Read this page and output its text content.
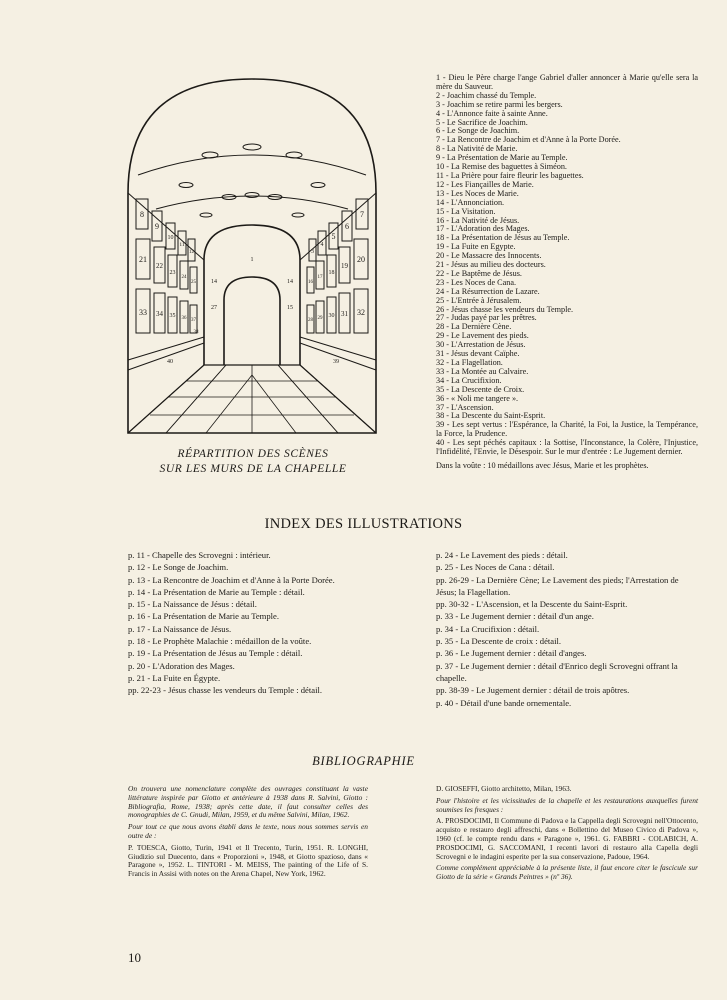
8
9
10
11
12
21
22
23
24
25
33 34 35 36 37
7
6
5
4
3
20
19
18
17
16
32
31
30
29
28
1
14	14
27	15
40	39
38
RÉPARTITION DES SCÈNES
SUR LES MURS DE LA CHAPELLE
1 - Dieu le Père charge l'ange Gabriel d'aller annoncer à Marie qu'elle sera la mère du Sauveur.
2 - Joachim chassé du Temple.
3 - Joachim se retire parmi les bergers.
4 - L'Annonce faite à sainte Anne.
5 - Le Sacrifice de Joachim.
6 - Le Songe de Joachim.
7 - La Rencontre de Joachim et d'Anne à la Porte Dorée.
8 - La Nativité de Marie.
9 - La Présentation de Marie au Temple.
10 - La Remise des baguettes à Siméon.
11 - La Prière pour faire fleurir les baguettes.
12 - Les Fiançailles de Marie.
13 - Les Noces de Marie.
14 - L'Annonciation.
15 - La Visitation.
16 - La Nativité de Jésus.
17 - L'Adoration des Mages.
18 - La Présentation de Jésus au Temple.
19 - La Fuite en Egypte.
20 - Le Massacre des Innocents.
21 - Jésus au milieu des docteurs.
22 - Le Baptême de Jésus.
23 - Les Noces de Cana.
24 - La Résurrection de Lazare.
25 - L'Entrée à Jérusalem.
26 - Jésus chasse les vendeurs du Temple.
27 - Judas payé par les prêtres.
28 - La Dernière Cène.
29 - Le Lavement des pieds.
30 - L'Arrestation de Jésus.
31 - Jésus devant Caïphe.
32 - La Flagellation.
33 - La Montée au Calvaire.
34 - La Crucifixion.
35 - La Descente de Croix.
36 - « Noli me tangere ».
37 - L'Ascension.
38 - La Descente du Saint-Esprit.
39 - Les sept vertus : l'Espérance, la Charité, la Foi, la Justice, la Tempérance, la Force, la Prudence.
40 - Les sept péchés capitaux : la Sottise, l'Inconstance, la Colère, l'Injustice, l'Infidélité, l'Envie, le Désespoir. Sur le mur d'entrée : Le Jugement dernier.
Dans la voûte : 10 médaillons avec Jésus, Marie et les prophètes.
INDEX DES ILLUSTRATIONS
p. 11 - Chapelle des Scrovegni : intérieur.
p. 12 - Le Songe de Joachim.
p. 13 - La Rencontre de Joachim et d'Anne à la Porte Dorée.
p. 14 - La Présentation de Marie au Temple : détail.
p. 15 - La Naissance de Jésus : détail.
p. 16 - La Présentation de Marie au Temple.
p. 17 - La Naissance de Jésus.
p. 18 - Le Prophète Malachie : médaillon de la voûte.
p. 19 - La Présentation de Jésus au Temple : détail.
p. 20 - L'Adoration des Mages.
p. 21 - La Fuite en Égypte.
pp. 22-23 - Jésus chasse les vendeurs du Temple : détail.
p. 24 - Le Lavement des pieds : détail.
p. 25 - Les Noces de Cana : détail.
pp. 26-29 - La Dernière Cène; Le Lavement des pieds; l'Arrestation de Jésus; la Flagellation.
pp. 30-32 - L'Ascension, et la Descente du Saint-Esprit.
p. 33 - Le Jugement dernier : détail d'un ange.
p. 34 - La Crucifixion : détail.
p. 35 - La Descente de croix : détail.
p. 36 - Le Jugement dernier : détail d'anges.
p. 37 - Le Jugement dernier : détail d'Enrico degli Scrovegni offrant la chapelle.
pp. 38-39 - Le Jugement dernier : détail de trois apôtres.
p. 40 - Détail d'une bande ornementale.
BIBLIOGRAPHIE
On trouvera une nomenclature complète des ouvrages constituant la vaste littérature inspirée par Giotto et antérieure à 1938 dans R. Salvini, Giotto : Bibliografia, Rome, 1938; après cette date, il faut consulter celles des monographies de C. Gnudi, Milan, 1959, et du même Salvini, Milan, 1962.
Pour tout ce que nous avons établi dans le texte, nous nous sommes servis en outre de :
P. TOESCA, Giotto, Turin, 1941 et Il Trecento, Turin, 1951. R. LONGHI, Giudizio sul Duecento, dans « Proporzioni », 1948, et Giotto spazioso, dans « Paragone », 1952. L. TINTORI - M. MEISS, The painting of the Life of S. Francis in Assisi with notes on the Arena Chapel, New York, 1962.
D. GIOSEFFI, Giotto architetto, Milan, 1963.
Pour l'histoire et les vicissitudes de la chapelle et les restaurations auxquelles furent soumises les fresques :
A. PROSDOCIMI, Il Commune di Padova e la Cappella degli Scrovegni nell'Ottocento, acquisto e restauro degli affreschi, dans « Bollettino del Museo Civico di Padova », 1960 (cf. le compte rendu dans « Paragone », 1961. G. FABBRI - COLABICH, A. PROSDOCIMI, G. SACCOMANI, I recenti lavori di restauro alla Capella degli Scrovegni e le indagini esperite per la sua conservazione, Padoue, 1964.
Comme complément appréciable à la présente liste, il faut encore citer le fascicule sur Giotto de la série « Grands Peintres » (nº 36).
10
